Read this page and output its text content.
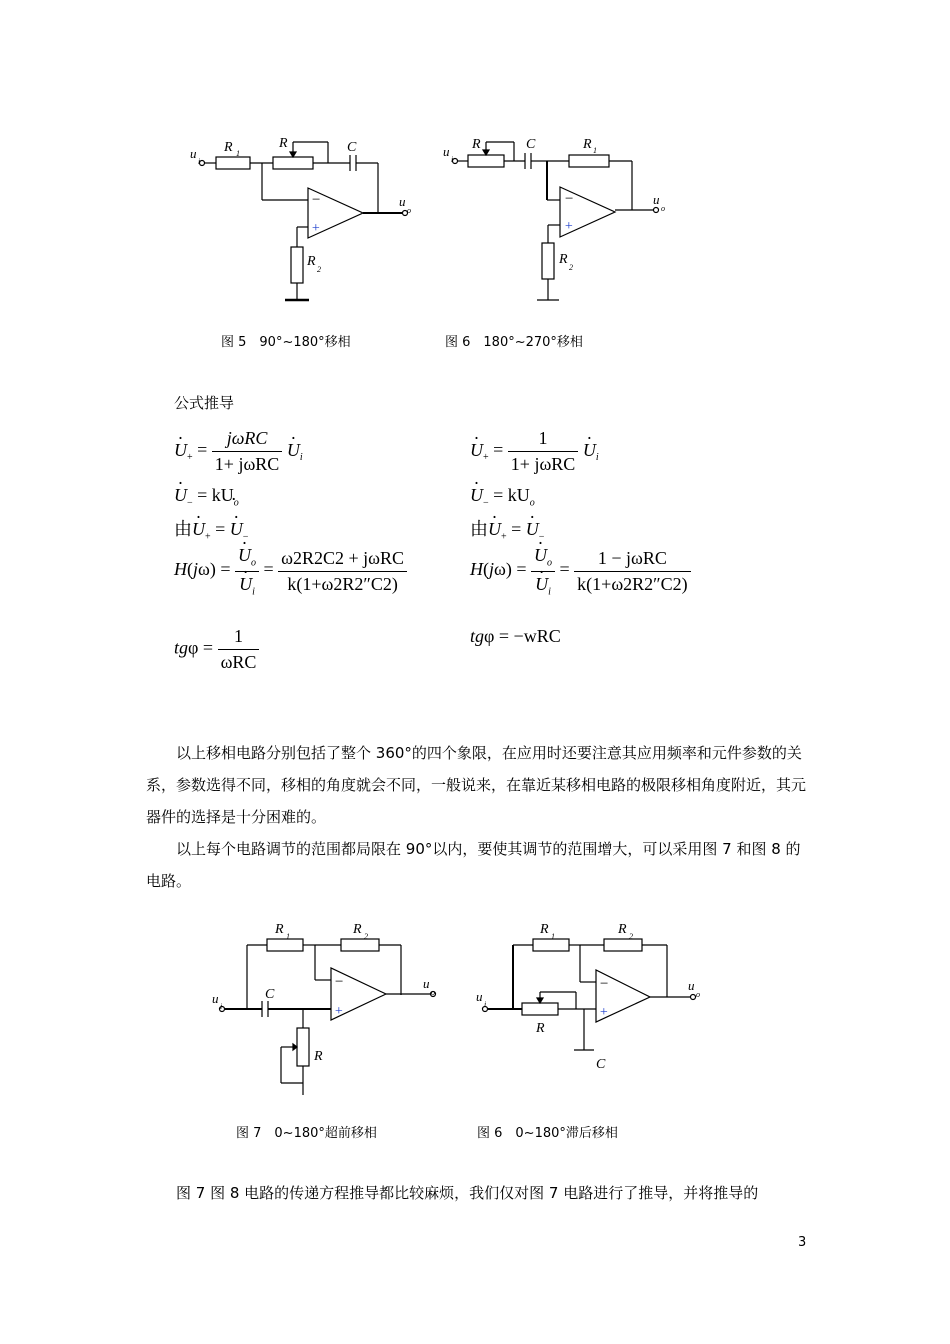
−
+
u
i
R 1
R	C
u
o
R
2
图 5　90°~180°移相
−
+
u
i
R	C	R 1
u
o
R
2
图 6　180°~270°移相
公式推导
· $U_+ = \frac{\text{jωRC}}{\text{1+ jωRC}}$
· $U_i$
· $U_- = kU_o$
由· $U_+$ = · $U_-$
H(jω) =
· $U_o$
· $U_i = \frac{\text{ω2R2C2 + jωRC}}{k(1+\omega 2R2''C2)}$
$tg\varphi = \frac{1}{\text{ωRC}}$
· $U_+ = \frac{1}{\text{1+ jωRC}}$
· $U_i$
· $U_- = kU_o$
由· $U_+$ = · $U_-$
H(jω) =
· $U_o$
· $U_i = \frac{\text{1 − jωRC}}{k(1+\omega 2R2''C2)}$
tgφ = −wRC

以上移相电路分别包括了整个 360°的四个象限，在应用时还要注意其应用频率和元件参数的关系，参数选得不同，移相的角度就会不同，一般说来，在靠近某移相电路的极限移相角度附近，其元器件的选择是十分困难的。

以上每个电路调节的范围都局限在 90°以内，要使其调节的范围增大，可以采用图 7 和图 8 的电路。

−
+
R 1	R 2
u
i
C
u
o
R
图 7　0~180°超前移相
−
+
R 1	R 2
u
i
R
C
u
o
图 6　0~180°滞后移相

图 7 图 8 电路的传递方程推导都比较麻烦，我们仅对图 7 电路进行了推导，并将推导的

3
